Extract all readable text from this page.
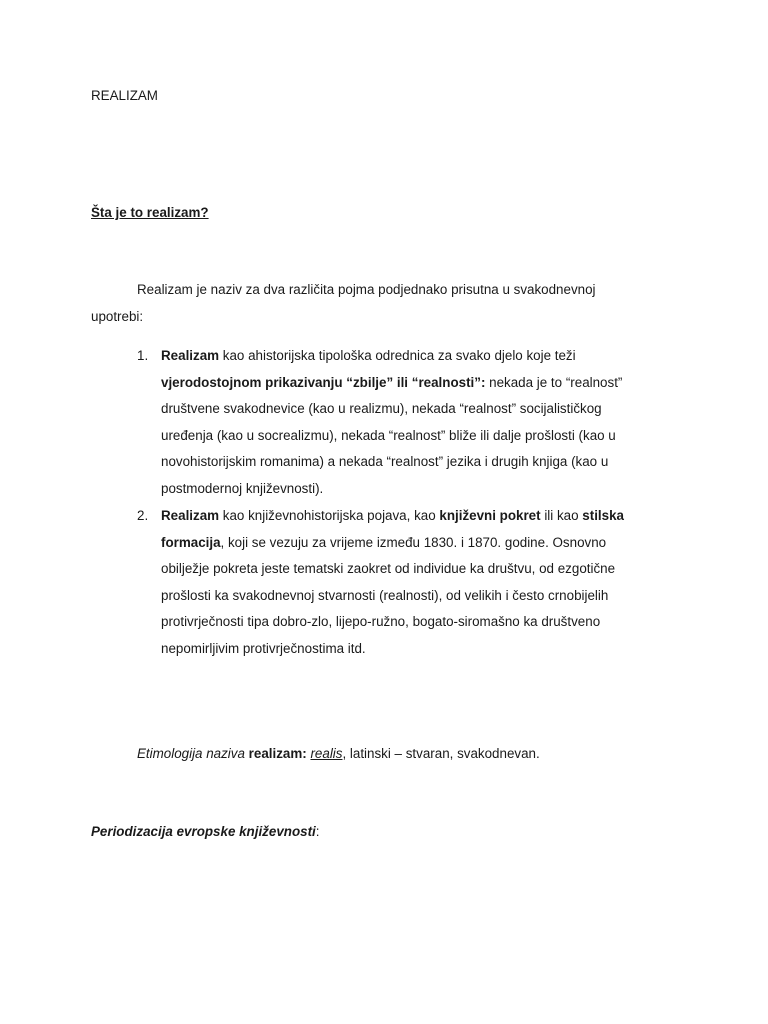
REALIZAM
Šta je to realizam?
Realizam je naziv za dva različita pojma podjednako prisutna u svakodnevnoj
upotrebi:
1. Realizam kao ahistorijska tipološka odrednica za svako djelo koje teži
vjerodostojnom prikazivanju “zbilje” ili “realnosti”: nekada je to “realnost”
društvene svakodnevice (kao u realizmu), nekada “realnost” socijalističkog
uređenja (kao u socrealizmu), nekada “realnost” bliže ili dalje prošlosti (kao u
novohistorijskim romanima) a nekada “realnost” jezika i drugih knjiga (kao u
postmodernoj književnosti).
2. Realizam kao književnohistorijska pojava, kao književni pokret ili kao stilska
formacija, koji se vezuju za vrijeme između 1830. i 1870. godine. Osnovno
obilježje pokreta jeste tematski zaokret od individue ka društvu, od ezgotične
prošlosti ka svakodnevnoj stvarnosti (realnosti), od velikih i često crnobijelih
protivrječnosti tipa dobro-zlo, lijepo-ružno, bogato-siromašno ka društveno
nepomirljivim protivrječnostima itd.
Etimologija naziva realizam: realis, latinski – stvaran, svakodnevan.
Periodizacija evropske književnosti:
